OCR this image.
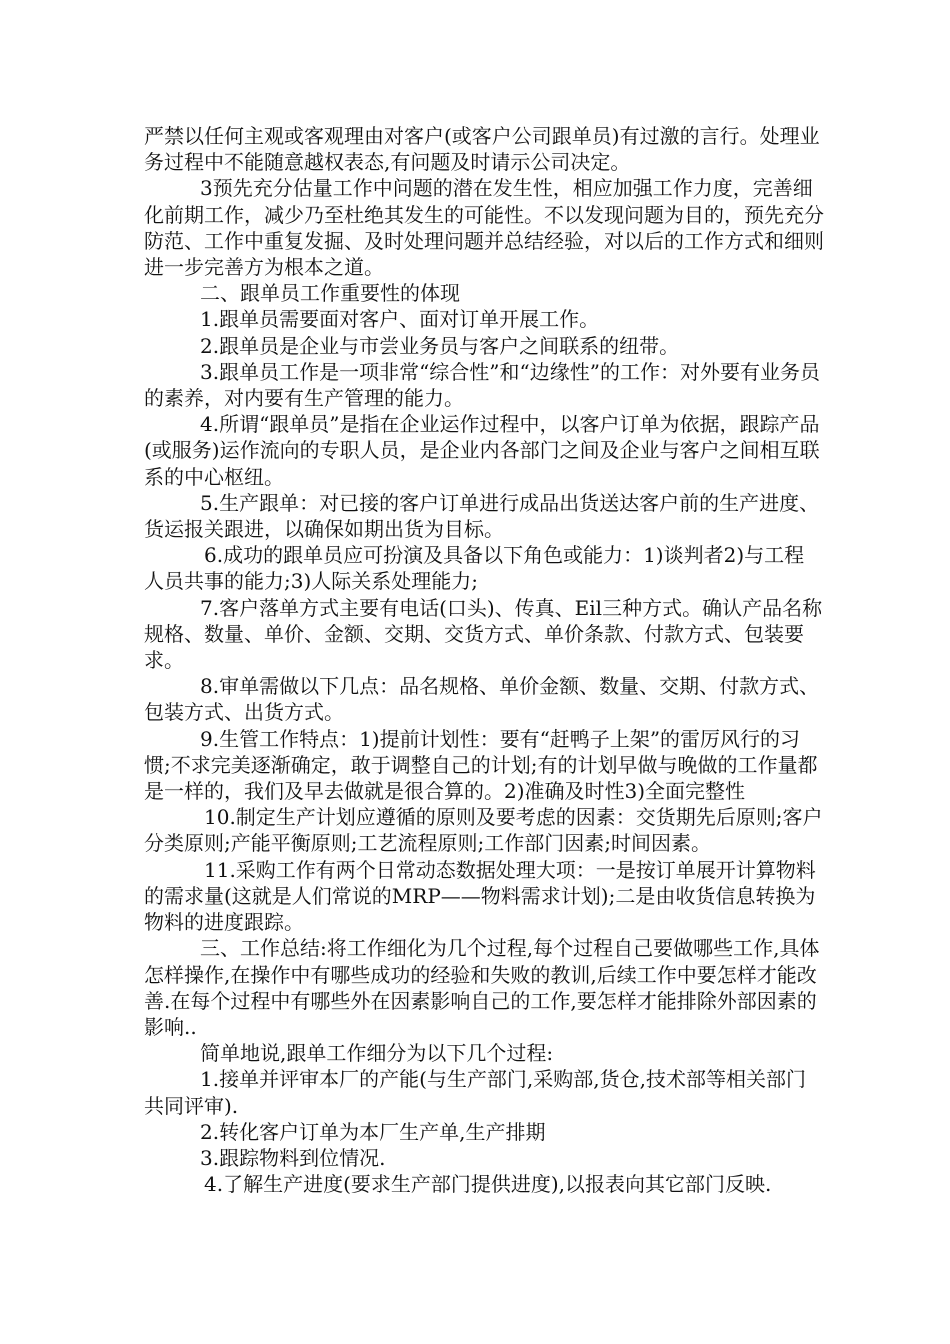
严禁以任何主观或客观理由对客户(或客户公司跟单员)有过激的言行。处理业务过程中不能随意越权表态,有问题及时请示公司决定。

3预先充分估量工作中问题的潜在发生性，相应加强工作力度，完善细化前期工作，减少乃至杜绝其发生的可能性。不以发现问题为目的，预先充分防范、工作中重复发掘、及时处理问题并总结经验，对以后的工作方式和细则进一步完善方为根本之道。

二、跟单员工作重要性的体现

1.跟单员需要面对客户、面对订单开展工作。

2.跟单员是企业与市尝业务员与客户之间联系的纽带。

3.跟单员工作是一项非常“综合性”和“边缘性”的工作：对外要有业务员的素养，对内要有生产管理的能力。

4.所谓“跟单员”是指在企业运作过程中，以客户订单为依据，跟踪产品(或服务)运作流向的专职人员，是企业内各部门之间及企业与客户之间相互联系的中心枢纽。

5.生产跟单：对已接的客户订单进行成品出货送达客户前的生产进度、货运报关跟进，以确保如期出货为目标。

6.成功的跟单员应可扮演及具备以下角色或能力：1)谈判者2)与工程人员共事的能力;3)人际关系处理能力;

7.客户落单方式主要有电话(口头)、传真、Eil三种方式。确认产品名称规格、数量、单价、金额、交期、交货方式、单价条款、付款方式、包装要求。

8.审单需做以下几点：品名规格、单价金额、数量、交期、付款方式、包装方式、出货方式。

9.生管工作特点：1)提前计划性：要有“赶鸭子上架”的雷厉风行的习惯;不求完美逐渐确定，敢于调整自己的计划;有的计划早做与晚做的工作量都是一样的，我们及早去做就是很合算的。2)准确及时性3)全面完整性

10.制定生产计划应遵循的原则及要考虑的因素：交货期先后原则;客户分类原则;产能平衡原则;工艺流程原则;工作部门因素;时间因素。

11.采购工作有两个日常动态数据处理大项：一是按订单展开计算物料的需求量(这就是人们常说的MRP——物料需求计划);二是由收货信息转换为物料的进度跟踪。

三、工作总结:将工作细化为几个过程,每个过程自己要做哪些工作,具体怎样操作,在操作中有哪些成功的经验和失败的教训,后续工作中要怎样才能改善.在每个过程中有哪些外在因素影响自己的工作,要怎样才能排除外部因素的影响..

简单地说,跟单工作细分为以下几个过程:

1.接单并评审本厂的产能(与生产部门,采购部,货仓,技术部等相关部门共同评审).

2.转化客户订单为本厂生产单,生产排期

3.跟踪物料到位情况.

4.了解生产进度(要求生产部门提供进度),以报表向其它部门反映.
